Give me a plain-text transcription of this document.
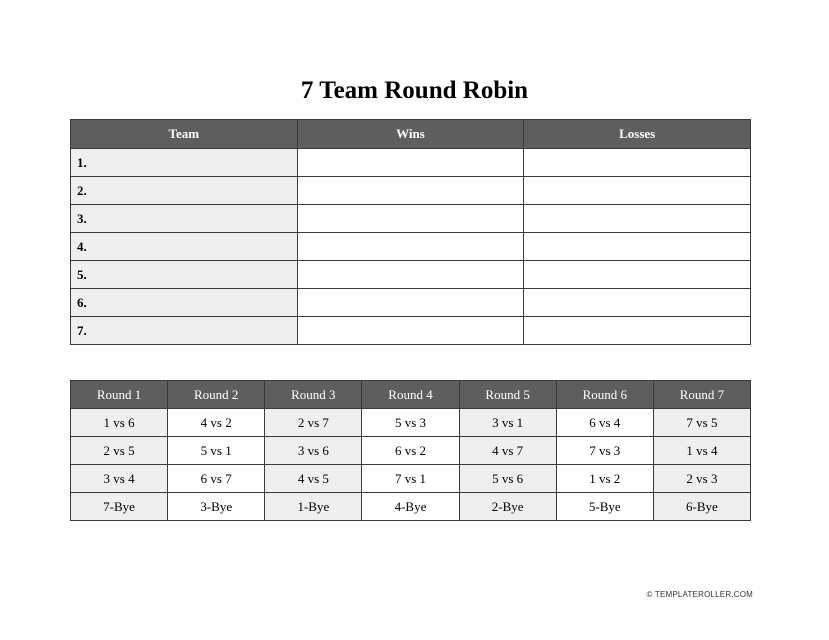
7 Team Round Robin
Team	Wins	Losses
1.		
2.		
3.		
4.		
5.		
6.		
7.		
Round 1	Round 2	Round 3	Round 4	Round 5	Round 6	Round 7
1 vs 6	4 vs 2	2 vs 7	5 vs 3	3 vs 1	6 vs 4	7 vs 5
2 vs 5	5 vs 1	3 vs 6	6 vs 2	4 vs 7	7 vs 3	1 vs 4
3 vs 4	6 vs 7	4 vs 5	7 vs 1	5 vs 6	1 vs 2	2 vs 3
7-Bye	3-Bye	1-Bye	4-Bye	2-Bye	5-Bye	6-Bye
© TEMPLATEROLLER.COM
